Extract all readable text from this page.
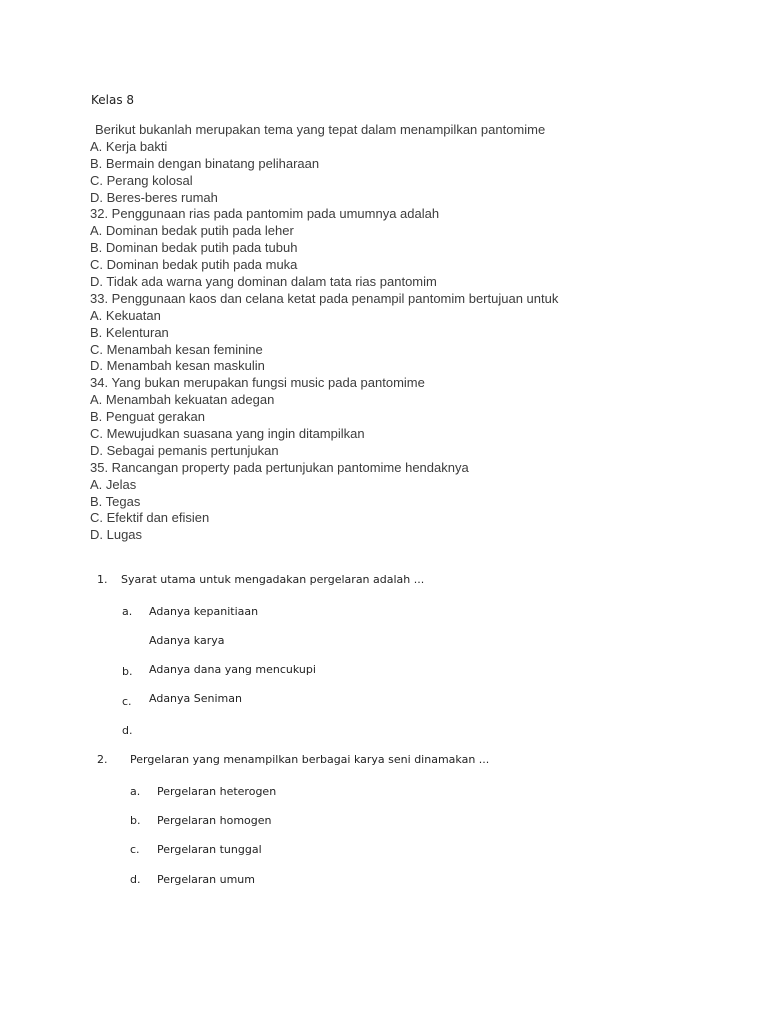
Kelas 8
Berikut bukanlah merupakan tema yang tepat dalam menampilkan pantomime
A. Kerja bakti
B. Bermain dengan binatang peliharaan
C. Perang kolosal
D. Beres-beres rumah
32. Penggunaan rias pada pantomim pada umumnya adalah
A. Dominan bedak putih pada leher
B. Dominan bedak putih pada tubuh
C. Dominan bedak putih pada muka
D. Tidak ada warna yang dominan dalam tata rias pantomim
33. Penggunaan kaos dan celana ketat pada penampil pantomim bertujuan untuk
A. Kekuatan
B. Kelenturan
C. Menambah kesan feminine
D. Menambah kesan maskulin
34. Yang bukan merupakan fungsi music pada pantomime
A. Menambah kekuatan adegan
B. Penguat gerakan
C. Mewujudkan suasana yang ingin ditampilkan
D. Sebagai pemanis pertunjukan
35. Rancangan property pada pertunjukan pantomime hendaknya
A. Jelas
B. Tegas
C. Efektif dan efisien
D. Lugas
1. Syarat utama untuk mengadakan pergelaran adalah ...
a. Adanya kepanitiaan
Adanya karya
b. Adanya dana yang mencukupi
c. Adanya Seniman
d.
2. Pergelaran yang menampilkan berbagai karya seni dinamakan ...
a. Pergelaran heterogen
b. Pergelaran homogen
c. Pergelaran tunggal
d. Pergelaran umum
